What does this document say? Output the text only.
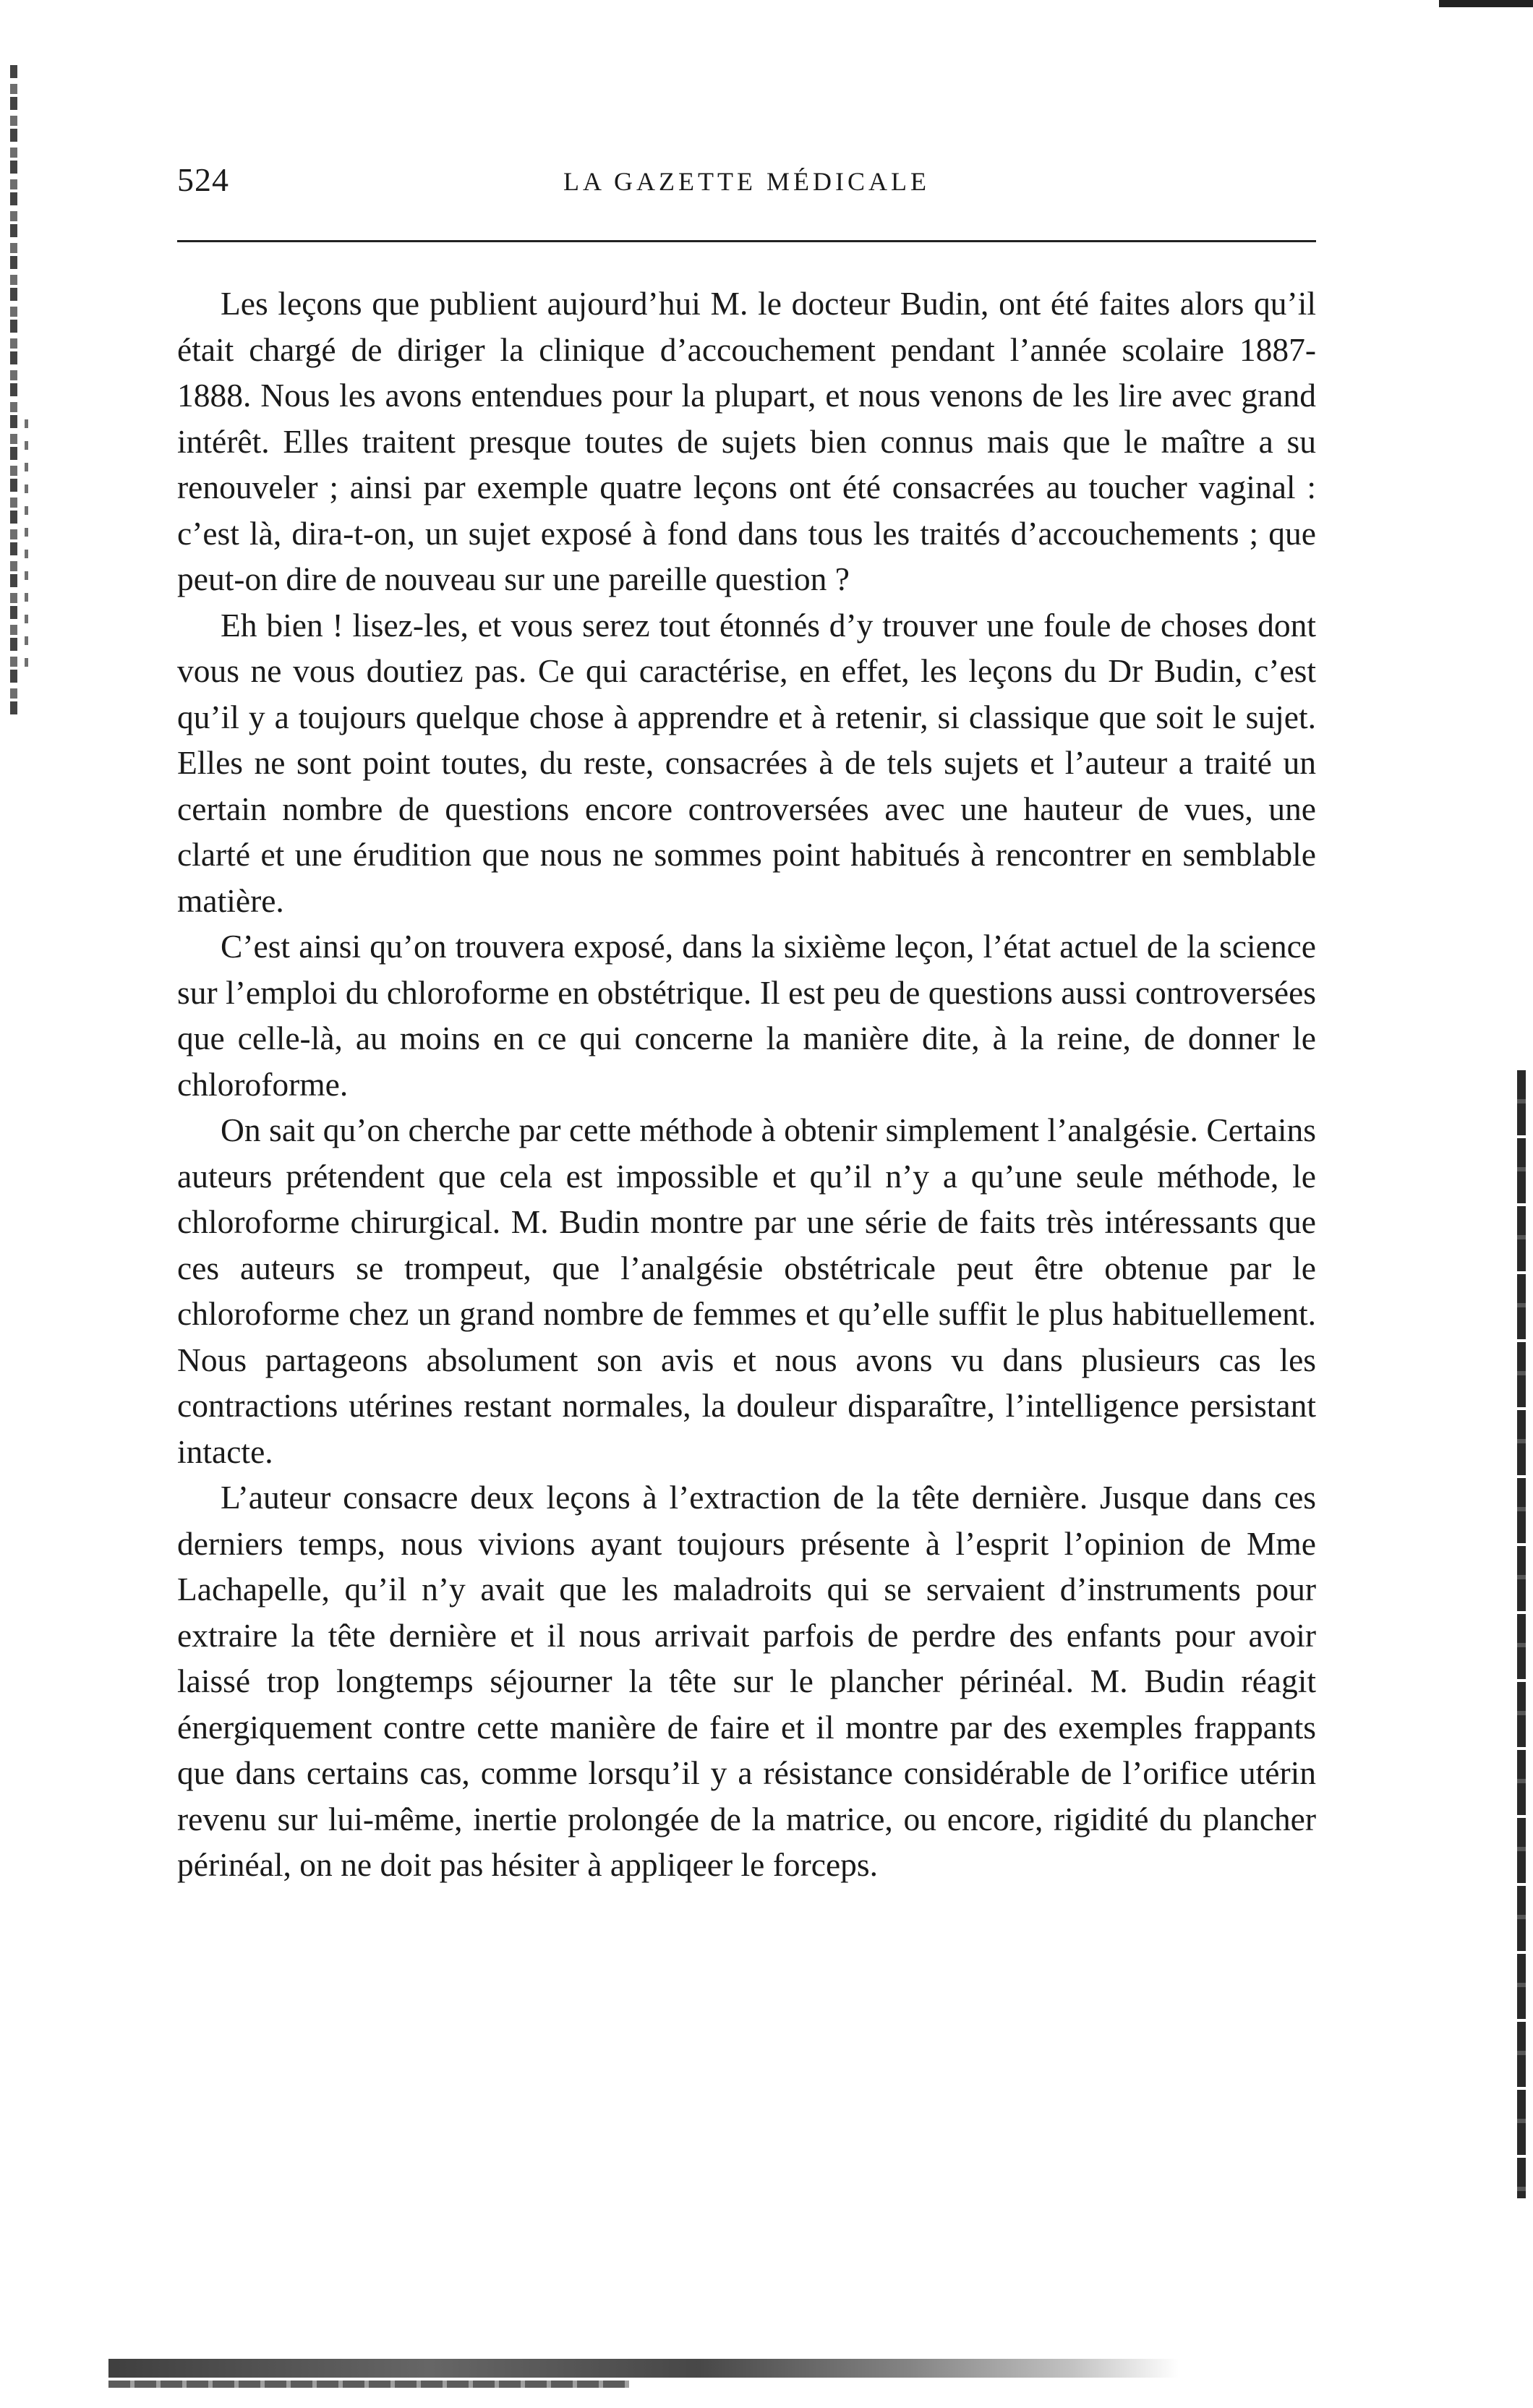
524	LA GAZETTE MÉDICALE

Les leçons que publient aujourd’hui M. le docteur Budin, ont été faites alors qu’il était chargé de diriger la clinique d’accouchement pendant l’année scolaire 1887-1888. Nous les avons entendues pour la plupart, et nous venons de les lire avec grand intérêt. Elles traitent presque toutes de sujets bien connus mais que le maître a su renouveler ; ainsi par exemple quatre leçons ont été consacrées au toucher vaginal : c’est là, dira-t-on, un sujet exposé à fond dans tous les traités d’accouchements ; que peut-on dire de nouveau sur une pareille question ?

Eh bien ! lisez-les, et vous serez tout étonnés d’y trouver une foule de choses dont vous ne vous doutiez pas. Ce qui caractérise, en effet, les leçons du Dr Budin, c’est qu’il y a toujours quelque chose à apprendre et à retenir, si classique que soit le sujet. Elles ne sont point toutes, du reste, consacrées à de tels sujets et l’auteur a traité un certain nombre de questions encore controversées avec une hauteur de vues, une clarté et une érudition que nous ne sommes point habitués à rencontrer en semblable matière.

C’est ainsi qu’on trouvera exposé, dans la sixième leçon, l’état actuel de la science sur l’emploi du chloroforme en obstétrique. Il est peu de questions aussi controversées que celle-là, au moins en ce qui concerne la manière dite, à la reine, de donner le chloroforme.

On sait qu’on cherche par cette méthode à obtenir simplement l’analgésie. Certains auteurs prétendent que cela est impossible et qu’il n’y a qu’une seule méthode, le chloroforme chirurgical. M. Budin montre par une série de faits très intéressants que ces auteurs se trompeut, que l’analgésie obstétricale peut être obtenue par le chloroforme chez un grand nombre de femmes et qu’elle suffit le plus habituellement. Nous partageons absolument son avis et nous avons vu dans plusieurs cas les contractions utérines restant normales, la douleur disparaître, l’intelligence persistant intacte.

L’auteur consacre deux leçons à l’extraction de la tête dernière. Jusque dans ces derniers temps, nous vivions ayant toujours présente à l’esprit l’opinion de Mme Lachapelle, qu’il n’y avait que les maladroits qui se servaient d’instruments pour extraire la tête dernière et il nous arrivait parfois de perdre des enfants pour avoir laissé trop longtemps séjourner la tête sur le plancher périnéal. M. Budin réagit énergiquement contre cette manière de faire et il montre par des exemples frappants que dans certains cas, comme lorsqu’il y a résistance considérable de l’orifice utérin revenu sur lui-même, inertie prolongée de la matrice, ou encore, rigidité du plancher périnéal, on ne doit pas hésiter à appliqeer le forceps.
